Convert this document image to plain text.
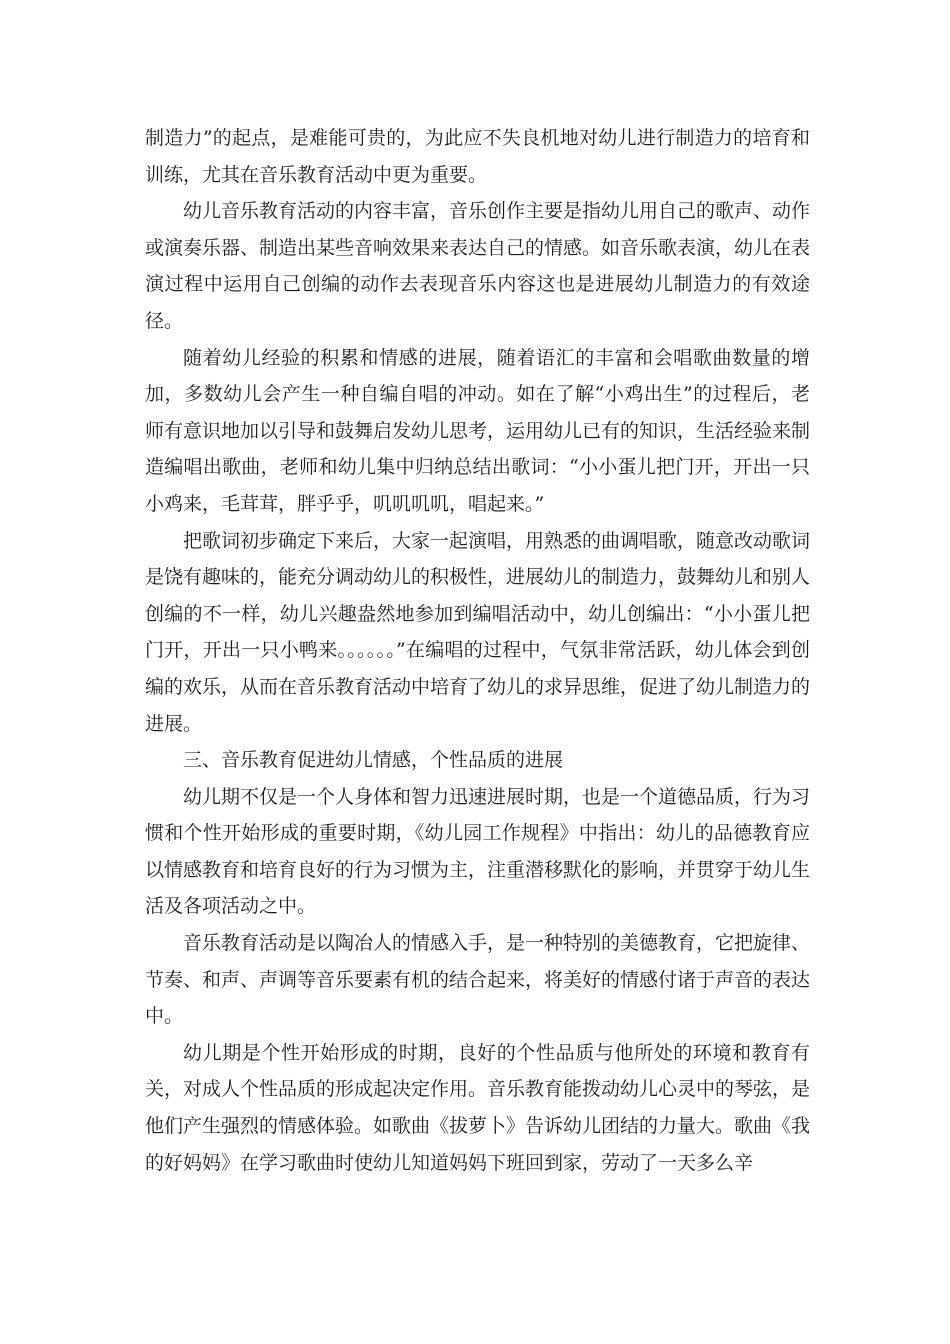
制造力”的起点，是难能可贵的，为此应不失良机地对幼儿进行制造力的培育和训练，尤其在音乐教育活动中更为重要。

幼儿音乐教育活动的内容丰富，音乐创作主要是指幼儿用自己的歌声、动作或演奏乐器、制造出某些音响效果来表达自己的情感。如音乐歌表演，幼儿在表演过程中运用自己创编的动作去表现音乐内容这也是进展幼儿制造力的有效途径。

随着幼儿经验的积累和情感的进展，随着语汇的丰富和会唱歌曲数量的增加，多数幼儿会产生一种自编自唱的冲动。如在了解“小鸡出生”的过程后，老师有意识地加以引导和鼓舞启发幼儿思考，运用幼儿已有的知识，生活经验来制造编唱出歌曲，老师和幼儿集中归纳总结出歌词：“小小蛋儿把门开，开出一只小鸡来，毛茸茸，胖乎乎，叽叽叽叽，唱起来。”

把歌词初步确定下来后，大家一起演唱，用熟悉的曲调唱歌，随意改动歌词是饶有趣味的，能充分调动幼儿的积极性，进展幼儿的制造力，鼓舞幼儿和别人创编的不一样，幼儿兴趣盎然地参加到编唱活动中，幼儿创编出：“小小蛋儿把门开，开出一只小鸭来。。。。。。”在编唱的过程中，气氛非常活跃，幼儿体会到创编的欢乐，从而在音乐教育活动中培育了幼儿的求异思维，促进了幼儿制造力的进展。

三、音乐教育促进幼儿情感，个性品质的进展

幼儿期不仅是一个人身体和智力迅速进展时期，也是一个道德品质，行为习惯和个性开始形成的重要时期，《幼儿园工作规程》中指出：幼儿的品德教育应以情感教育和培育良好的行为习惯为主，注重潜移默化的影响，并贯穿于幼儿生活及各项活动之中。

音乐教育活动是以陶冶人的情感入手，是一种特别的美德教育，它把旋律、节奏、和声、声调等音乐要素有机的结合起来，将美好的情感付诸于声音的表达中。

幼儿期是个性开始形成的时期，良好的个性品质与他所处的环境和教育有关，对成人个性品质的形成起决定作用。音乐教育能拨动幼儿心灵中的琴弦，是他们产生强烈的情感体验。如歌曲《拔萝卜》告诉幼儿团结的力量大。歌曲《我的好妈妈》在学习歌曲时使幼儿知道妈妈下班回到家，劳动了一天多么辛
